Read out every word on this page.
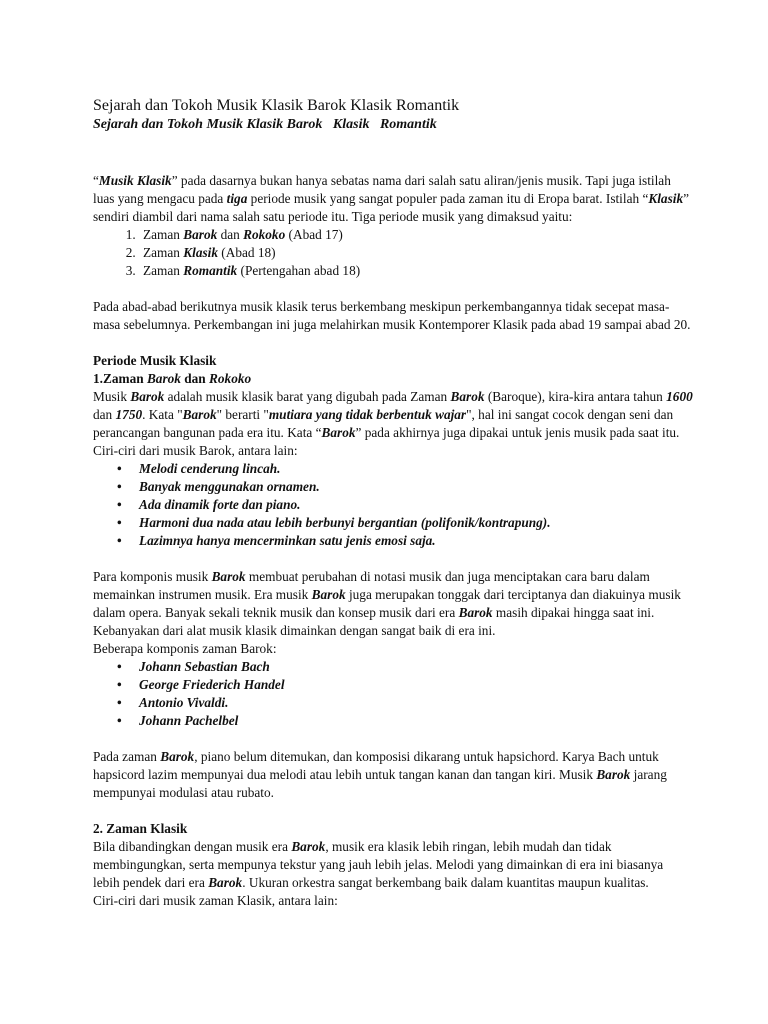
Sejarah dan Tokoh Musik Klasik Barok Klasik Romantik
Sejarah dan Tokoh Musik Klasik Barok   Klasik   Romantik

“Musik Klasik” pada dasarnya bukan hanya sebatas nama dari salah satu aliran/jenis musik. Tapi juga istilah luas yang mengacu pada tiga periode musik yang sangat populer pada zaman itu di Eropa barat. Istilah “Klasik” sendiri diambil dari nama salah satu periode itu. Tiga periode musik yang dimaksud yaitu:

1. Zaman Barok dan Rokoko (Abad 17)
2. Zaman Klasik (Abad 18)
3. Zaman Romantik (Pertengahan abad 18)

Pada abad-abad berikutnya musik klasik terus berkembang meskipun perkembangannya tidak secepat masa-masa sebelumnya. Perkembangan ini juga melahirkan musik Kontemporer Klasik pada abad 19 sampai abad 20.

Periode Musik Klasik

1.Zaman Barok dan Rokoko

Musik Barok adalah musik klasik barat yang digubah pada Zaman Barok (Baroque), kira-kira antara tahun 1600 dan 1750. Kata "Barok" berarti "mutiara yang tidak berbentuk wajar", hal ini sangat cocok dengan seni dan perancangan bangunan pada era itu. Kata “Barok” pada akhirnya juga dipakai untuk jenis musik pada saat itu.

Ciri-ciri dari musik Barok, antara lain:

• Melodi cenderung lincah.
• Banyak menggunakan ornamen.
• Ada dinamik forte dan piano.
• Harmoni dua nada atau lebih berbunyi bergantian (polifonik/kontrapung).
• Lazimnya hanya mencerminkan satu jenis emosi saja.

Para komponis musik Barok membuat perubahan di notasi musik dan juga menciptakan cara baru dalam memainkan instrumen musik. Era musik Barok juga merupakan tonggak dari terciptanya dan diakuinya musik dalam opera. Banyak sekali teknik musik dan konsep musik dari era Barok masih dipakai hingga saat ini. Kebanyakan dari alat musik klasik dimainkan dengan sangat baik di era ini.

Beberapa komponis zaman Barok:

• Johann Sebastian Bach
• George Friederich Handel
• Antonio Vivaldi.
• Johann Pachelbel

Pada zaman Barok, piano belum ditemukan, dan komposisi dikarang untuk hapsichord. Karya Bach untuk hapsicord lazim mempunyai dua melodi atau lebih untuk tangan kanan dan tangan kiri. Musik Barok jarang mempunyai modulasi atau rubato.

2. Zaman Klasik

Bila dibandingkan dengan musik era Barok, musik era klasik lebih ringan, lebih mudah dan tidak membingungkan, serta mempunya tekstur yang jauh lebih jelas. Melodi yang dimainkan di era ini biasanya lebih pendek dari era Barok. Ukuran orkestra sangat berkembang baik dalam kuantitas maupun kualitas.

Ciri-ciri dari musik zaman Klasik, antara lain:
